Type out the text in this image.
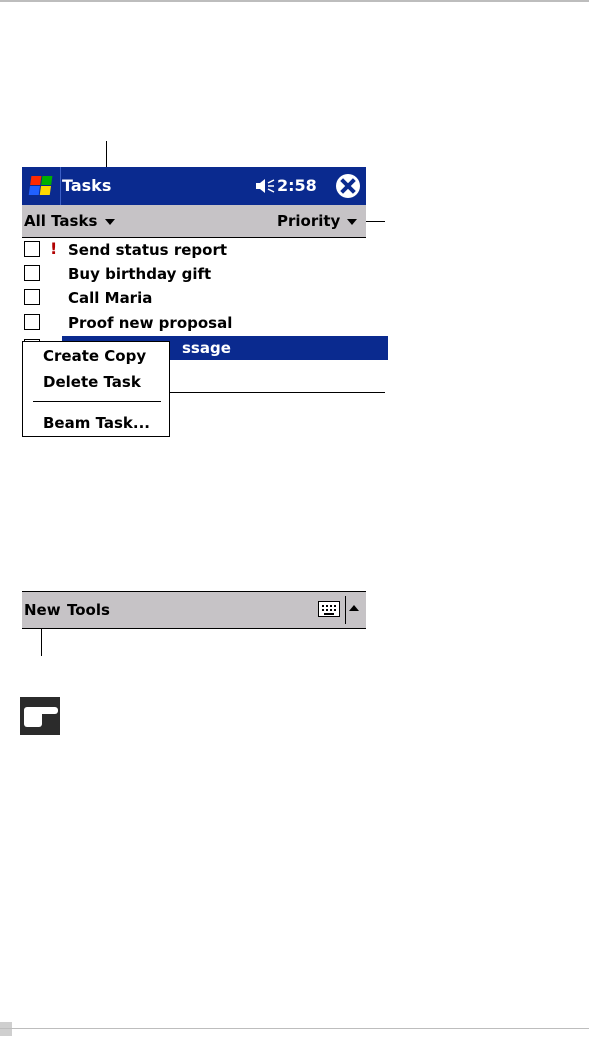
Tasks	2:58
All Tasks	Priority
! Send status report
Buy birthday gift
Call Maria
Proof new proposal
ssage
Create Copy
Delete Task
Beam Task...
New Tools
